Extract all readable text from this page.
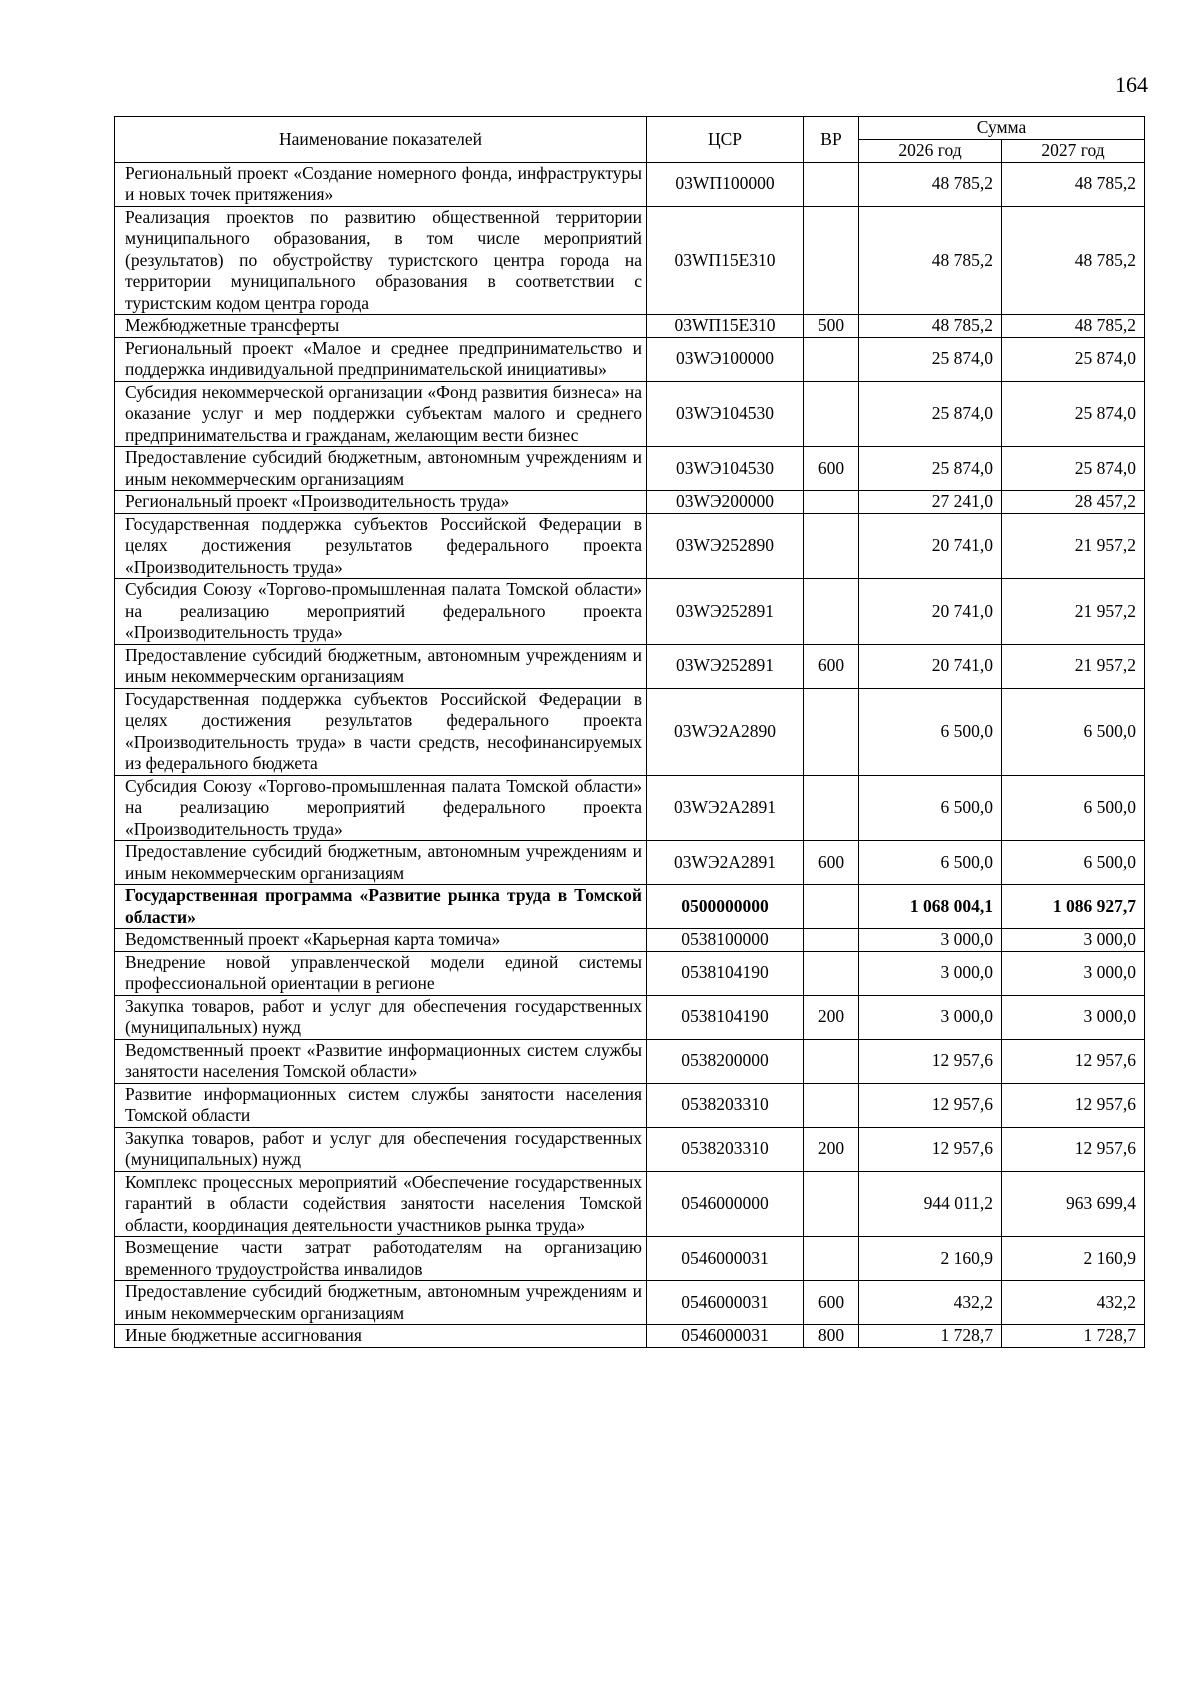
164
Наименование показателей	ЦСР	ВР	Сумма	
			2026 год	2027 год
Региональный проект «Создание номерного фонда, инфраструктуры и новых точек притяжения»	03WП100000		48 785,2	48 785,2
Реализация проектов по развитию общественной территории муниципального образования, в том числе мероприятий (результатов) по обустройству туристского центра города на территории муниципального образования в соответствии с туристским кодом центра города	03WП15Е310		48 785,2	48 785,2
Межбюджетные трансферты	03WП15Е310	500	48 785,2	48 785,2
Региональный проект «Малое и среднее предпринимательство и поддержка индивидуальной предпринимательской инициативы»	03WЭ100000		25 874,0	25 874,0
Субсидия некоммерческой организации «Фонд развития бизнеса» на оказание услуг и мер поддержки субъектам малого и среднего предпринимательства и гражданам, желающим вести бизнес	03WЭ104530		25 874,0	25 874,0
Предоставление субсидий бюджетным, автономным учреждениям и иным некоммерческим организациям	03WЭ104530	600	25 874,0	25 874,0
Региональный проект «Производительность труда»	03WЭ200000		27 241,0	28 457,2
Государственная поддержка субъектов Российской Федерации в целях достижения результатов федерального проекта «Производительность труда»	03WЭ252890		20 741,0	21 957,2
Субсидия Союзу «Торгово-промышленная палата Томской области» на реализацию мероприятий федерального проекта «Производительность труда»	03WЭ252891		20 741,0	21 957,2
Предоставление субсидий бюджетным, автономным учреждениям и иным некоммерческим организациям	03WЭ252891	600	20 741,0	21 957,2
Государственная поддержка субъектов Российской Федерации в целях достижения результатов федерального проекта «Производительность труда» в части средств, несофинансируемых из федерального бюджета	03WЭ2А2890		6 500,0	6 500,0
Субсидия Союзу «Торгово-промышленная палата Томской области» на реализацию мероприятий федерального проекта «Производительность труда»	03WЭ2А2891		6 500,0	6 500,0
Предоставление субсидий бюджетным, автономным учреждениям и иным некоммерческим организациям	03WЭ2А2891	600	6 500,0	6 500,0
Государственная программа «Развитие рынка труда в Томской области»	0500000000		1 068 004,1	1 086 927,7
Ведомственный проект «Карьерная карта томича»	0538100000		3 000,0	3 000,0
Внедрение новой управленческой модели единой системы профессиональной ориентации в регионе	0538104190		3 000,0	3 000,0
Закупка товаров, работ и услуг для обеспечения государственных (муниципальных) нужд	0538104190	200	3 000,0	3 000,0
Ведомственный проект «Развитие информационных систем службы занятости населения Томской области»	0538200000		12 957,6	12 957,6
Развитие информационных систем службы занятости населения Томской области	0538203310		12 957,6	12 957,6
Закупка товаров, работ и услуг для обеспечения государственных (муниципальных) нужд	0538203310	200	12 957,6	12 957,6
Комплекс процессных мероприятий «Обеспечение государственных гарантий в области содействия занятости населения Томской области, координация деятельности участников рынка труда»	0546000000		944 011,2	963 699,4
Возмещение части затрат работодателям на организацию временного трудоустройства инвалидов	0546000031		2 160,9	2 160,9
Предоставление субсидий бюджетным, автономным учреждениям и иным некоммерческим организациям	0546000031	600	432,2	432,2
Иные бюджетные ассигнования	0546000031	800	1 728,7	1 728,7
